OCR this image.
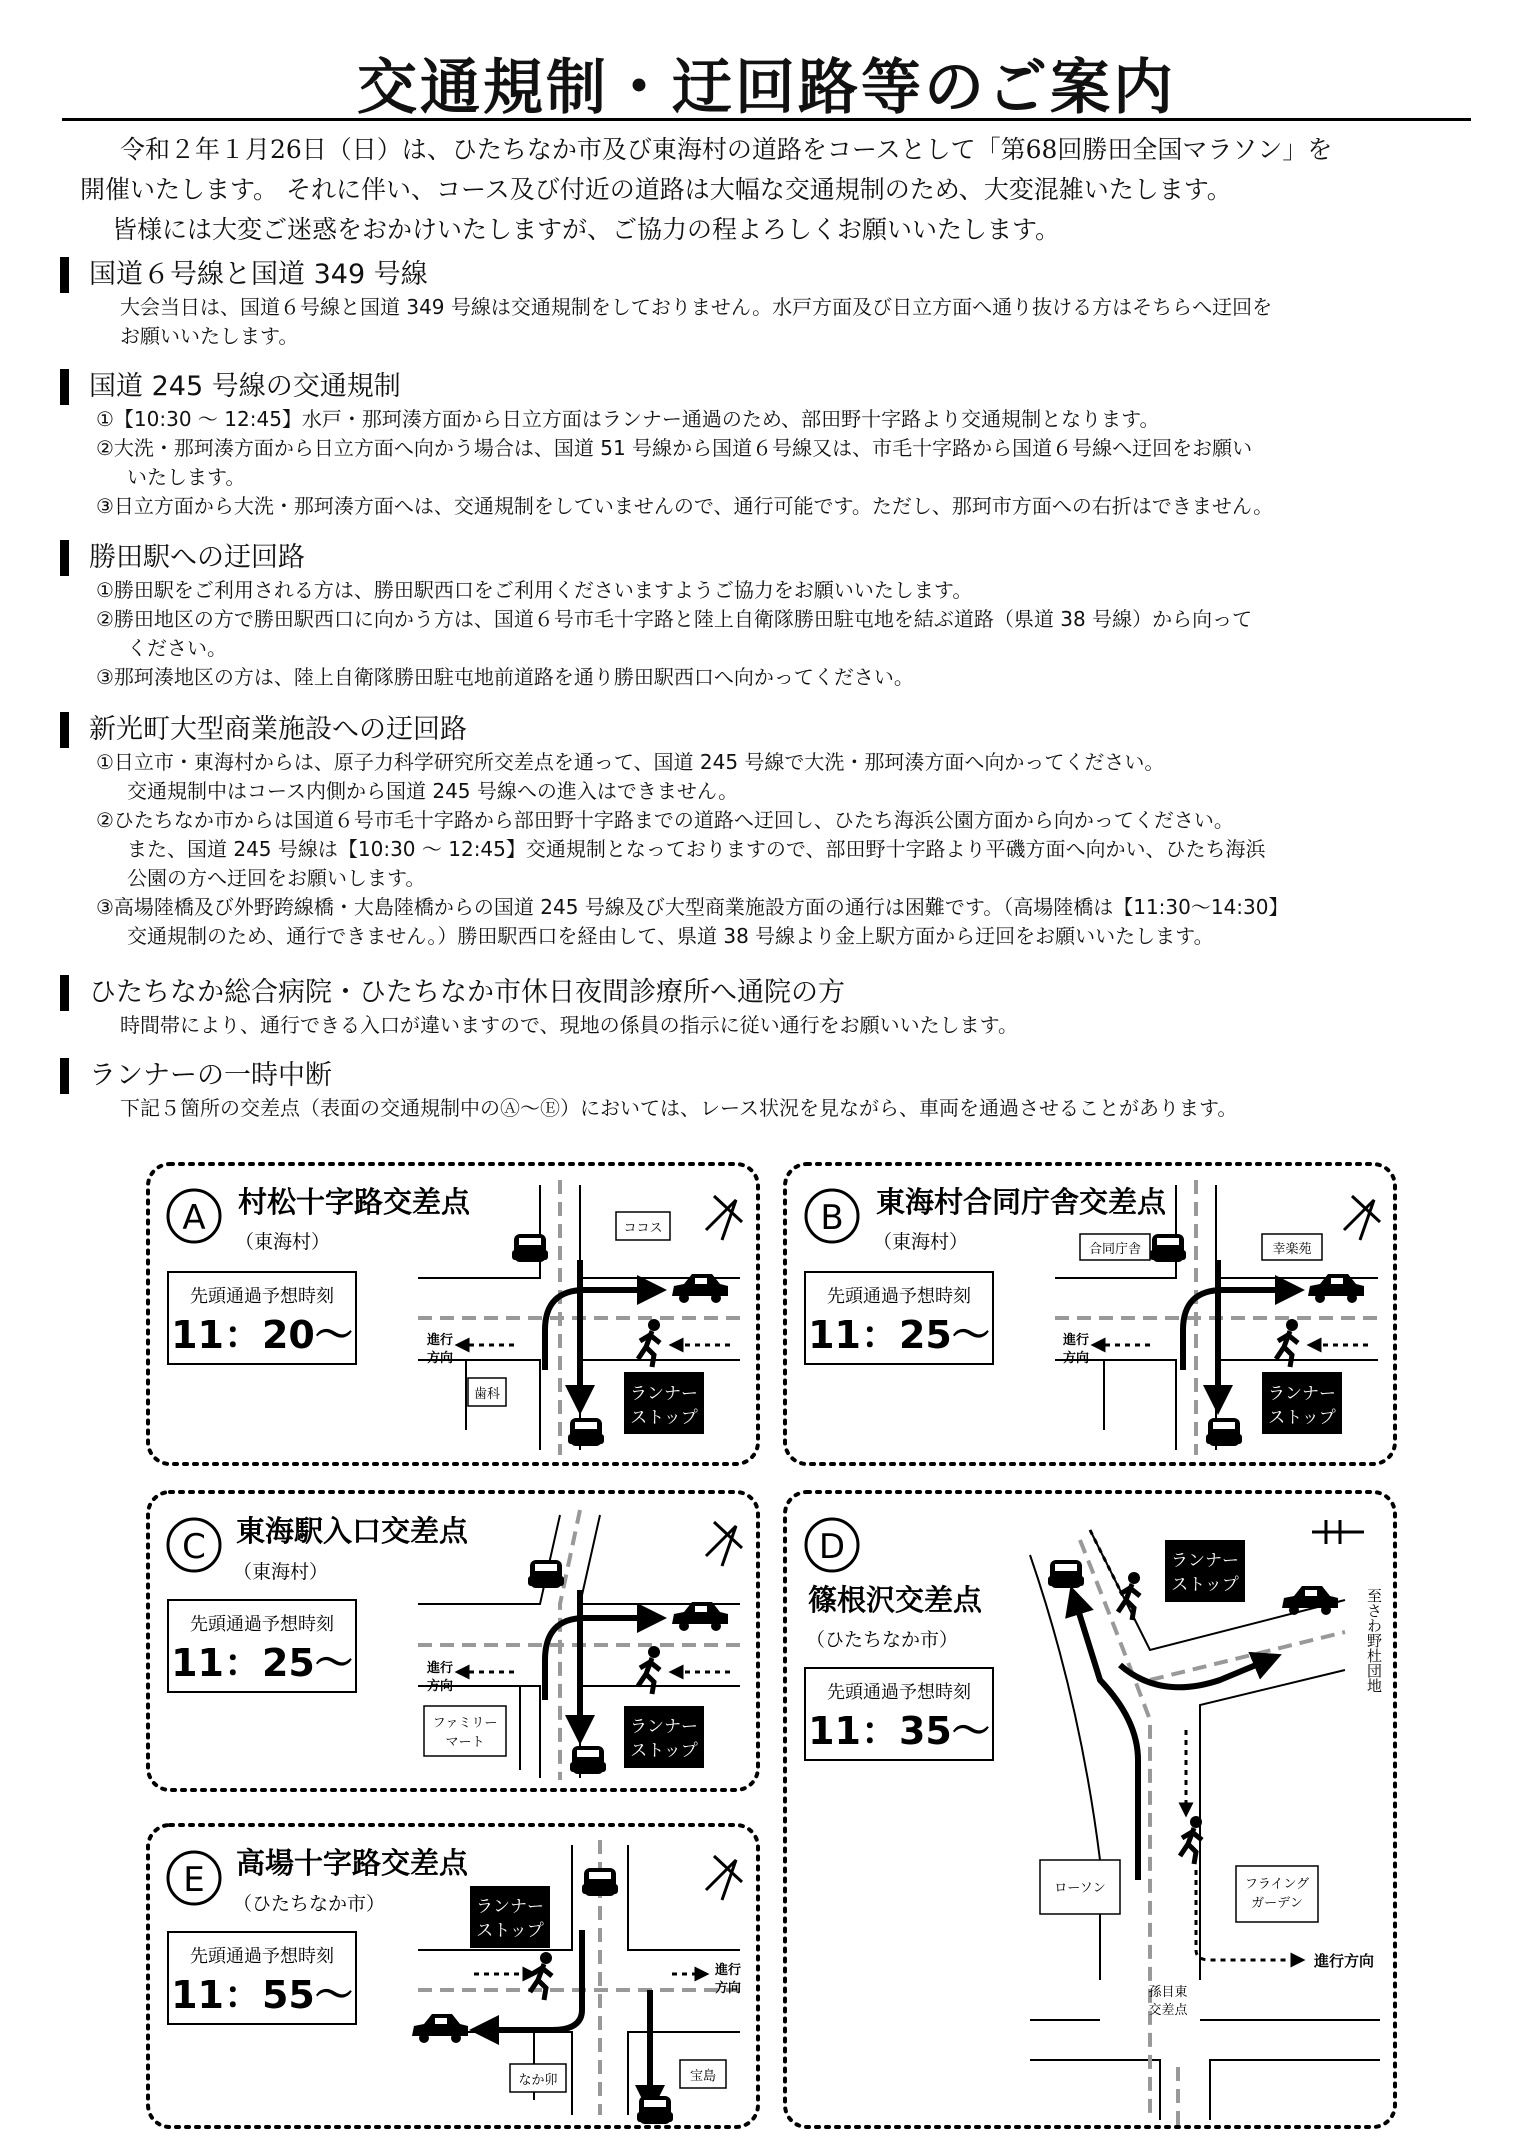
交通規制・迂回路等のご案内

令和２年１月26日（日）は、ひたちなか市及び東海村の道路をコースとして「第68回勝田全国マラソン」を

開催いたします。 それに伴い、コース及び付近の道路は大幅な交通規制のため、大変混雑いたします。

皆様には大変ご迷惑をおかけいたしますが、ご協力の程よろしくお願いいたします。

国道６号線と国道 349 号線
大会当日は、国道６号線と国道 349 号線は交通規制をしておりません。水戸方面及び日立方面へ通り抜ける方はそちらへ迂回を
お願いいたします。
国道 245 号線の交通規制
①【10:30 ～ 12:45】水戸・那珂湊方面から日立方面はランナー通過のため、部田野十字路より交通規制となります。
②大洗・那珂湊方面から日立方面へ向かう場合は、国道 51 号線から国道６号線又は、市毛十字路から国道６号線へ迂回をお願い
いたします。
③日立方面から大洗・那珂湊方面へは、交通規制をしていませんので、通行可能です。ただし、那珂市方面への右折はできません。
勝田駅への迂回路
①勝田駅をご利用される方は、勝田駅西口をご利用くださいますようご協力をお願いいたします。
②勝田地区の方で勝田駅西口に向かう方は、国道６号市毛十字路と陸上自衛隊勝田駐屯地を結ぶ道路（県道 38 号線）から向って
ください。
③那珂湊地区の方は、陸上自衛隊勝田駐屯地前道路を通り勝田駅西口へ向かってください。
新光町大型商業施設への迂回路
①日立市・東海村からは、原子力科学研究所交差点を通って、国道 245 号線で大洗・那珂湊方面へ向かってください。
交通規制中はコース内側から国道 245 号線への進入はできません。
②ひたちなか市からは国道６号市毛十字路から部田野十字路までの道路へ迂回し、ひたち海浜公園方面から向かってください。
また、国道 245 号線は【10:30 ～ 12:45】交通規制となっておりますので、部田野十字路より平磯方面へ向かい、ひたち海浜
公園の方へ迂回をお願いします。
③高場陸橋及び外野跨線橋・大島陸橋からの国道 245 号線及び大型商業施設方面の通行は困難です。（高場陸橋は【11:30～14:30】
交通規制のため、通行できません。）勝田駅西口を経由して、県道 38 号線より金上駅方面から迂回をお願いいたします。
ひたちなか総合病院・ひたちなか市休日夜間診療所へ通院の方
時間帯により、通行できる入口が違いますので、現地の係員の指示に従い通行をお願いいたします。
ランナーの一時中断
下記５箇所の交差点（表面の交通規制中のⒶ～Ⓔ）においては、レース状況を見ながら、車両を通過させることがあります。
A 村松十字路交差点
（東海村）
先頭通過予想時刻
11：20～	進行
方向
ココス
歯科	ランナー
ストップ
B 東海村合同庁舎交差点
（東海村）
先頭通過予想時刻
11：25～	進行
方向
合同庁舎	幸楽苑
ランナー
ストップ
C 東海駅入口交差点
（東海村）
先頭通過予想時刻
11：25～	進行
方向
ファミリー
マート
ランナー
ストップ
D
篠根沢交差点
（ひたちなか市）
先頭通過予想時刻
11：35～
進行方向
ランナー
ストップ
ローソン	フライング
ガーデン
孫目東
交差点
至さわ野杜団地
E 高場十字路交差点
（ひたちなか市）
先頭通過予想時刻
11：55～
進行
方向
ランナー
ストップ
なか卯	宝島
